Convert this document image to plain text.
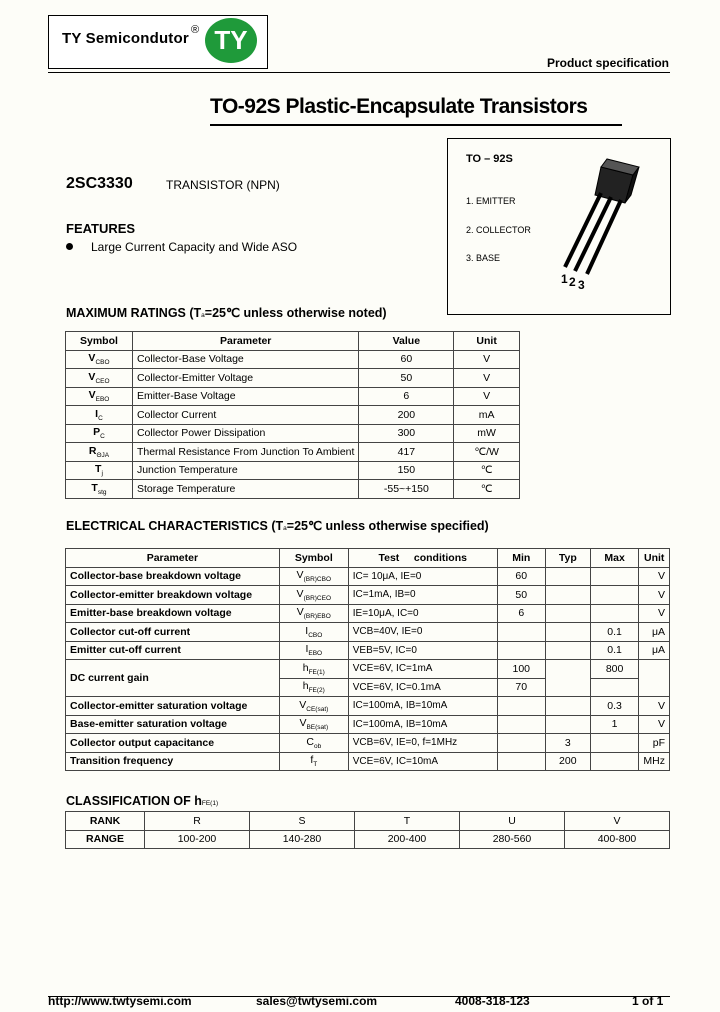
TY Semicondutor ® TY
Product specification
TO-92S Plastic-Encapsulate Transistors
TO – 92S
1. EMITTER
2. COLLECTOR
3. BASE
1 2 3
2SC3330	TRANSISTOR (NPN)
FEATURES
Large Current Capacity and Wide ASO
MAXIMUM RATINGS (Ta=25℃ unless otherwise noted)
Symbol	Parameter	Value	Unit
$V_{CBO}$	Collector-Base Voltage	60	V
$V_{CEO}$	Collector-Emitter Voltage	50	V
$V_{EBO}$	Emitter-Base Voltage	6	V
$I_C$	Collector Current	200	mA
$P_C$	Collector Power Dissipation	300	mW
$R_{\Theta JA}$	Thermal Resistance From Junction To Ambient	417	℃/W
$T_j$	Junction Temperature	150	℃
$T_{stg}$	Storage Temperature	-55~+150	℃
ELECTRICAL CHARACTERISTICS (Ta=25℃ unless otherwise specified)
Parameter	Symbol	Test     conditions	Min	Typ	Max	Unit
Collector-base breakdown voltage	$V_{(BR)CBO}$	IC= 10μA, IE=0	60			V
Collector-emitter breakdown voltage	$V_{(BR)CEO}$	IC=1mA, IB=0	50			V
Emitter-base breakdown voltage	$V_{(BR)EBO}$	IE=10μA, IC=0	6			V
Collector cut-off current	$I_{CBO}$	VCB=40V, IE=0			0.1	μA
Emitter cut-off current	$I_{EBO}$	VEB=5V, IC=0			0.1	μA
DC current gain	$h_{FE(1)}$	VCE=6V, IC=1mA	100		800	
	$h_{FE(2)}$	VCE=6V, IC=0.1mA	70			
Collector-emitter saturation voltage	$V_{CE(sat)}$	IC=100mA, IB=10mA			0.3	V
Base-emitter saturation voltage	$V_{BE(sat)}$	IC=100mA, IB=10mA			1	V
Collector output capacitance	$C_{ob}$	VCB=6V, IE=0, f=1MHz		3		pF
Transition frequency	$f_T$	VCE=6V, IC=10mA		200		MHz
CLASSIFICATION OF hFE(1)
RANK	R	S	T	U	V
RANGE	100-200	140-280	200-400	280-560	400-800
http://www.twtysemi.com	sales@twtysemi.com	4008-318-123	1 of 1
